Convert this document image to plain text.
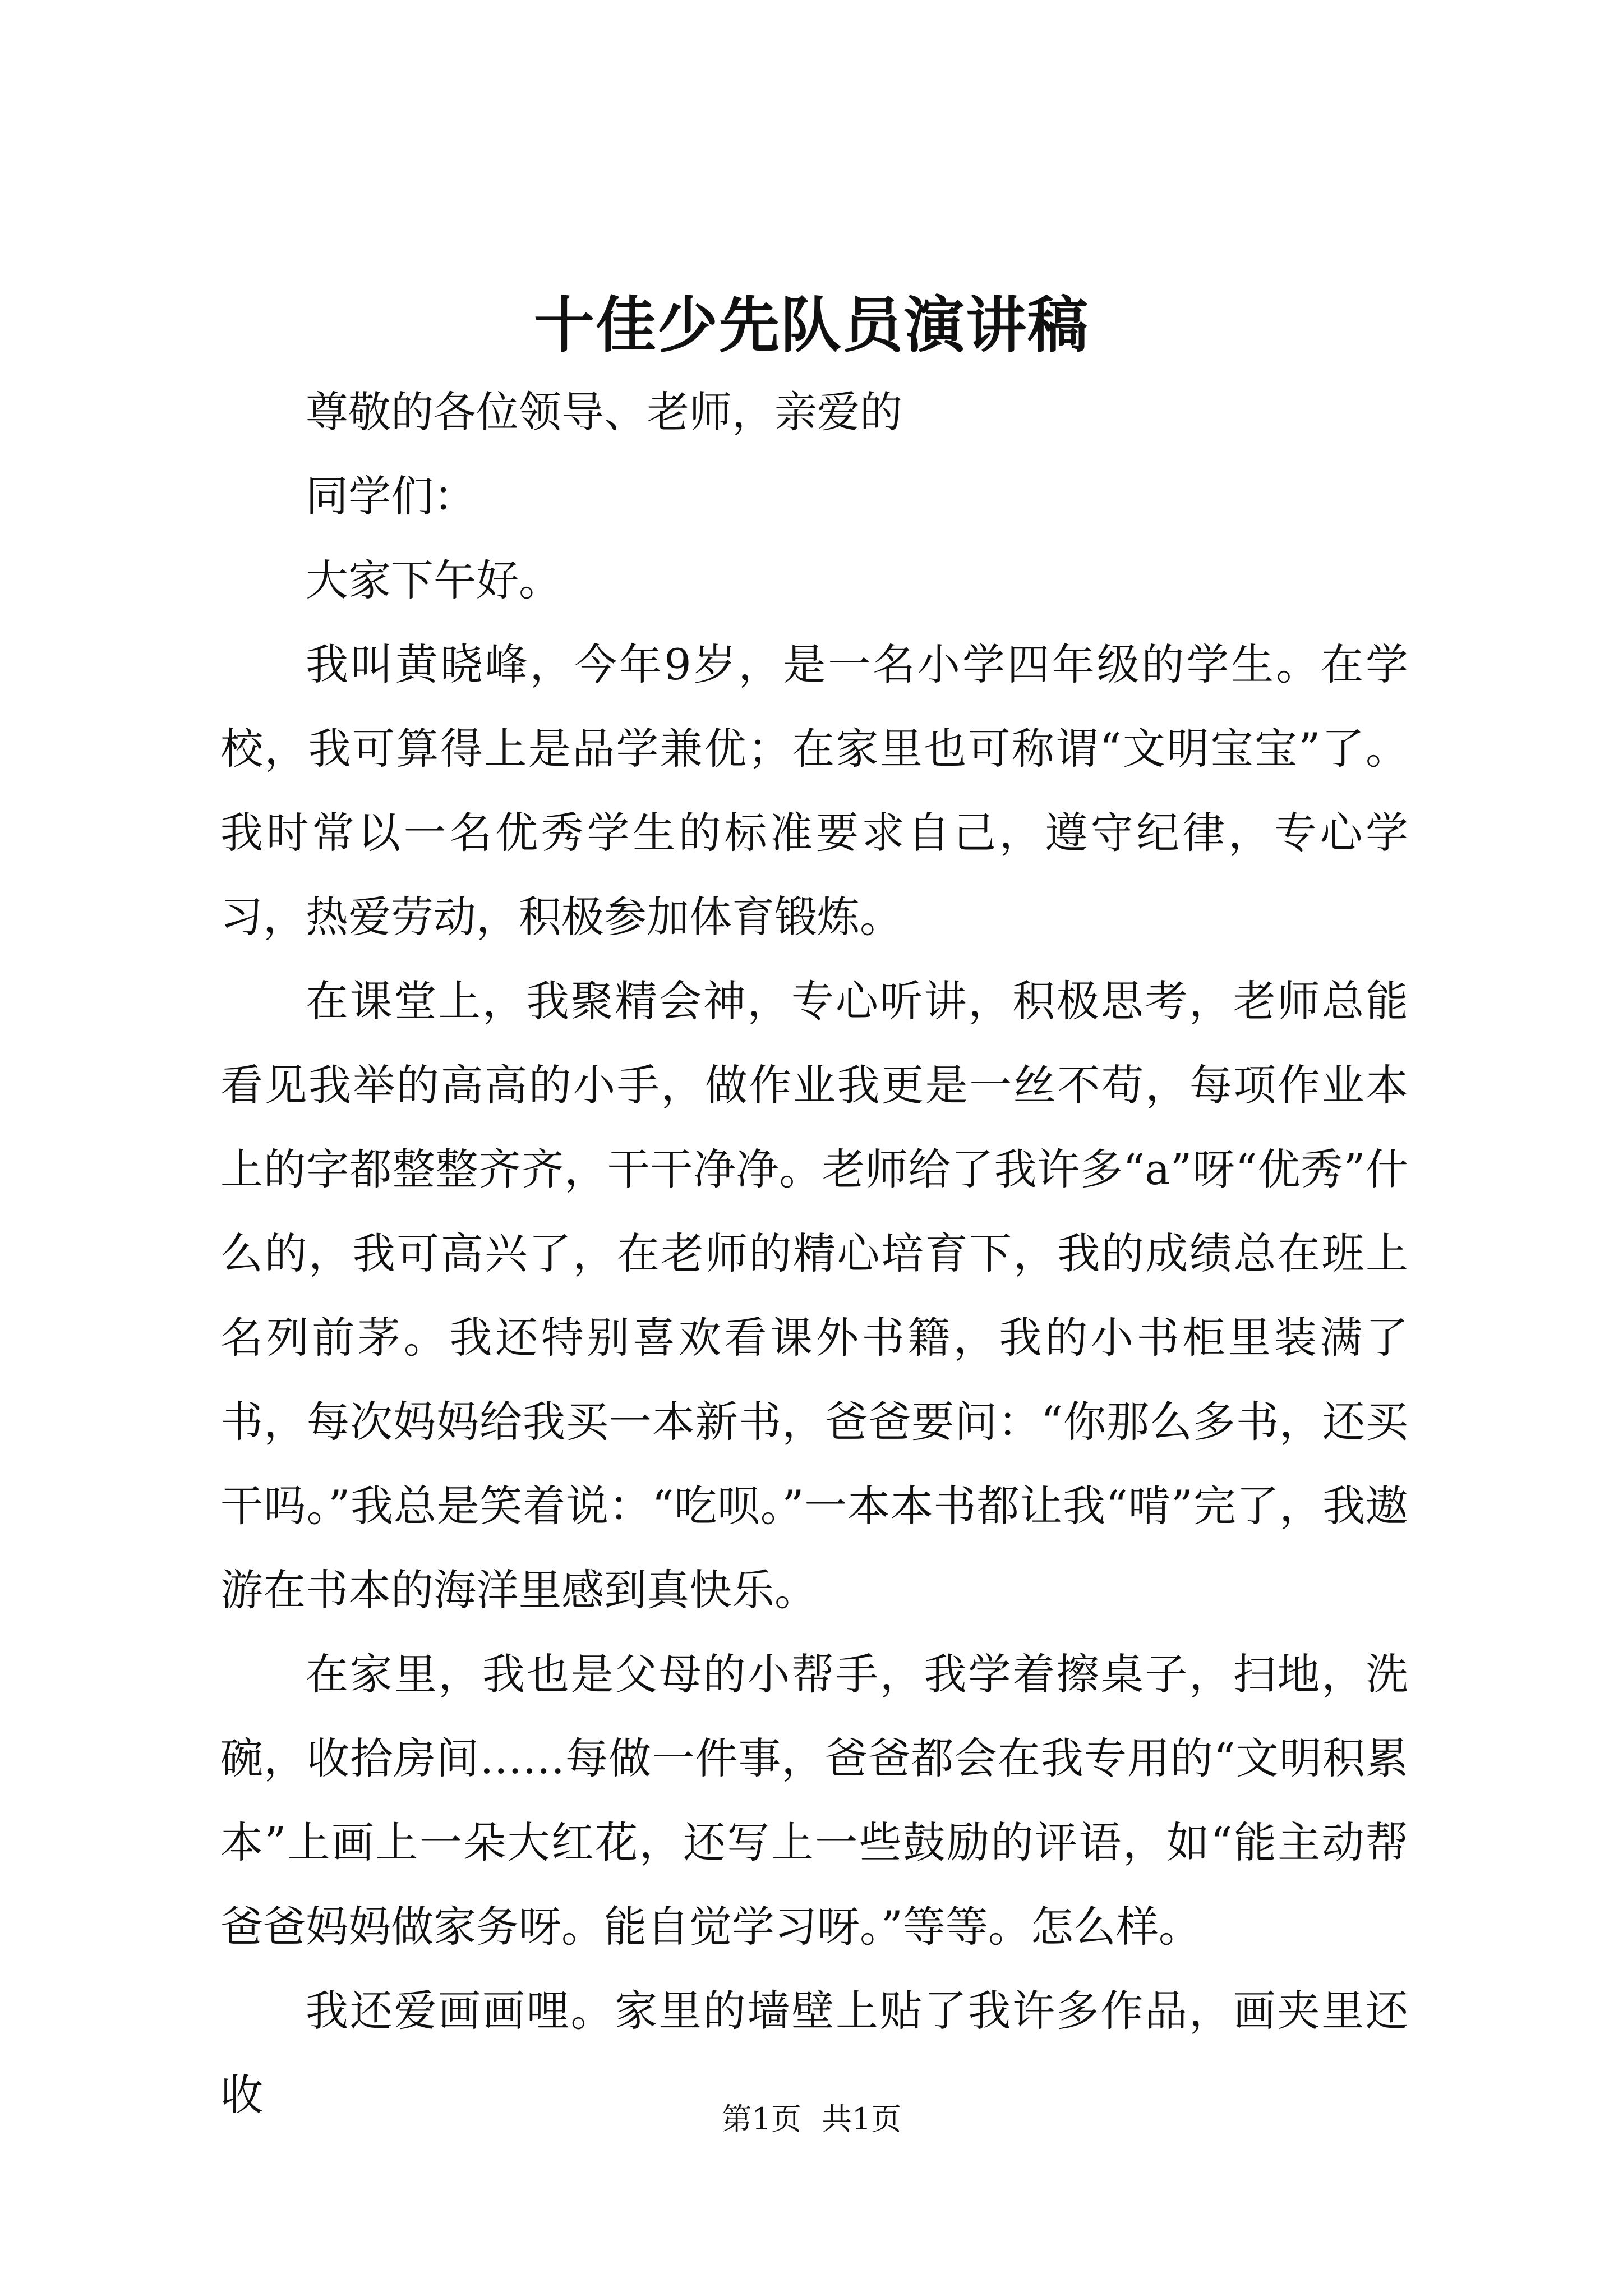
十佳少先队员演讲稿

尊敬的各位领导、老师，亲爱的

同学们：

大家下午好。

我叫黄晓峰，今年9岁，是一名小学四年级的学生。在学校，我可算得上是品学兼优；在家里也可称谓“文明宝宝”了。我时常以一名优秀学生的标准要求自己，遵守纪律，专心学习，热爱劳动，积极参加体育锻炼。

在课堂上，我聚精会神，专心听讲，积极思考，老师总能看见我举的高高的小手，做作业我更是一丝不苟，每项作业本上的字都整整齐齐，干干净净。老师给了我许多“a”呀“优秀”什么的，我可高兴了，在老师的精心培育下，我的成绩总在班上名列前茅。我还特别喜欢看课外书籍，我的小书柜里装满了书，每次妈妈给我买一本新书，爸爸要问：“你那么多书，还买干吗。”我总是笑着说：“吃呗。”一本本书都让我“啃”完了，我遨游在书本的海洋里感到真快乐。

在家里，我也是父母的小帮手，我学着擦桌子，扫地，洗碗，收拾房间……每做一件事，爸爸都会在我专用的“文明积累本”上画上一朵大红花，还写上一些鼓励的评语，如“能主动帮爸爸妈妈做家务呀。能自觉学习呀。”等等。怎么样。

我还爱画画哩。家里的墙壁上贴了我许多作品，画夹里还收	第1页 共1页
